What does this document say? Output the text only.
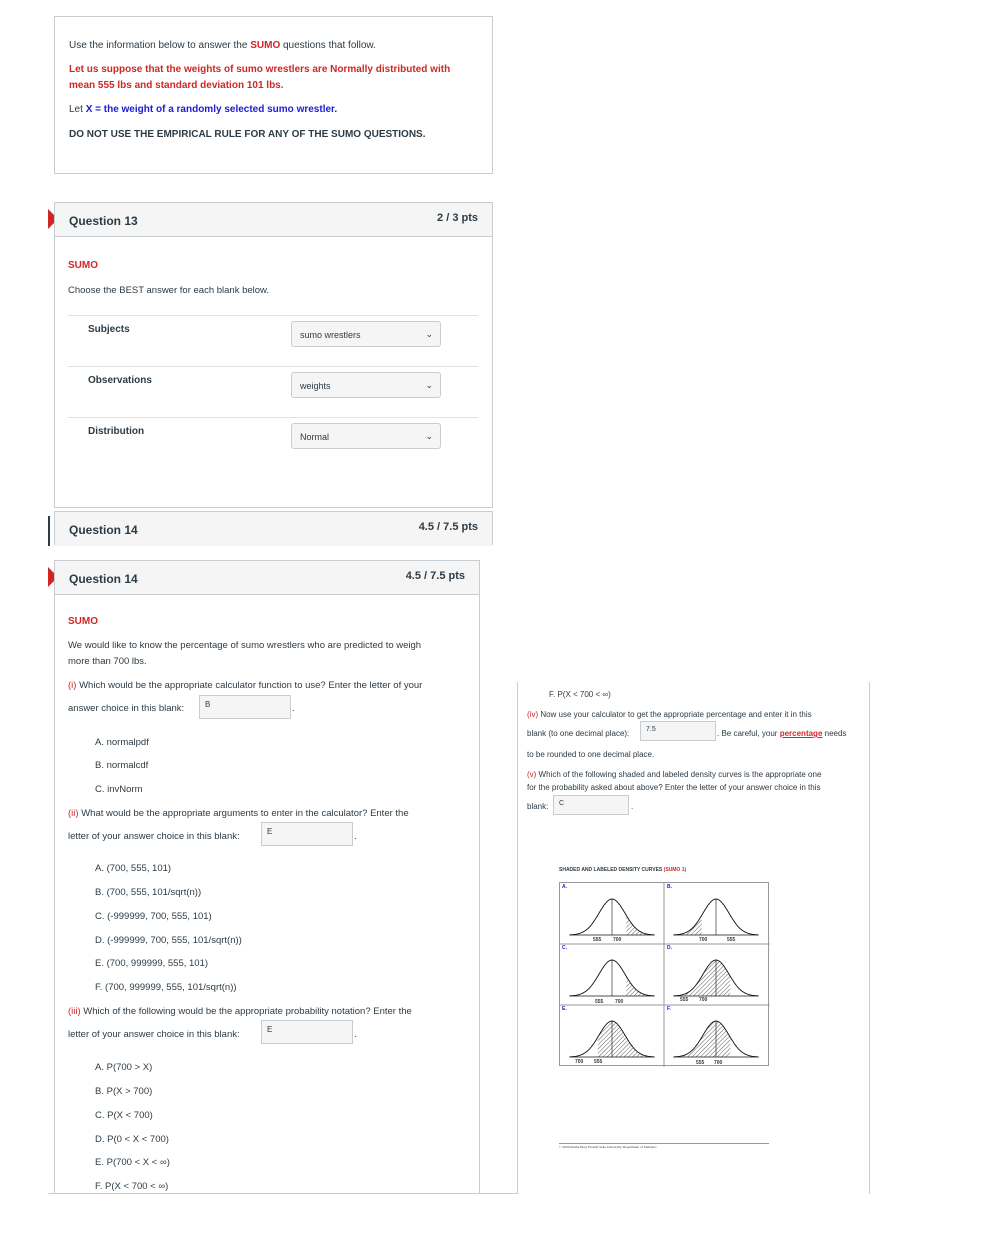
Use the information below to answer the SUMO questions that follow.

Let us suppose that the weights of sumo wrestlers are Normally distributed with

mean 555 lbs and standard deviation 101 lbs.

Let X = the weight of a randomly selected sumo wrestler.

DO NOT USE THE EMPIRICAL RULE FOR ANY OF THE SUMO QUESTIONS.

Question 13	2 / 3 pts
SUMO
Choose the BEST answer for each blank below.
Subjects	sumo wrestlers	⌄
Observations	weights	⌄
Distribution	Normal	⌄
Question 14	4.5 / 7.5 pts
Question 14	4.5 / 7.5 pts
SUMO
We would like to know the percentage of sumo wrestlers who are predicted to weigh
more than 700 lbs.
(i) Which would be the appropriate calculator function to use? Enter the letter of your
answer choice in this blank:	B	.
A. normalpdf
B. normalcdf
C. invNorm
(ii) What would be the appropriate arguments to enter in the calculator? Enter the
letter of your answer choice in this blank:	E	.
A. (700, 555, 101)
B. (700, 555, 101/sqrt(n))
C. (-999999, 700, 555, 101)
D. (-999999, 700, 555, 101/sqrt(n))
E. (700, 999999, 555, 101)
F. (700, 999999, 555, 101/sqrt(n))
(iii) Which of the following would be the appropriate probability notation? Enter the
letter of your answer choice in this blank:	E	.
A. P(700 > X)
B. P(X > 700)
C. P(X < 700)
D. P(0 < X < 700)
E. P(700 < X < ∞)
F. P(X < 700 < ∞)
F. P(X < 700 < ∞)
(iv) Now use your calculator to get the appropriate percentage and enter it in this
blank (to one decimal place):	7.5	. Be careful, your percentage needs
to be rounded to one decimal place.
(v) Which of the following shaded and labeled density curves is the appropriate one
for the probability asked about above? Enter the letter of your answer choice in this
blank:	C	.
SHADED AND LABELED DENSITY CURVES (SUMO 1)
A.	B.
C.	D.
E.	F.
555 700	700	555
555 700	555 700
700 555	555 700
© 2020 Radha Bose Florida State University Department of Statistics
